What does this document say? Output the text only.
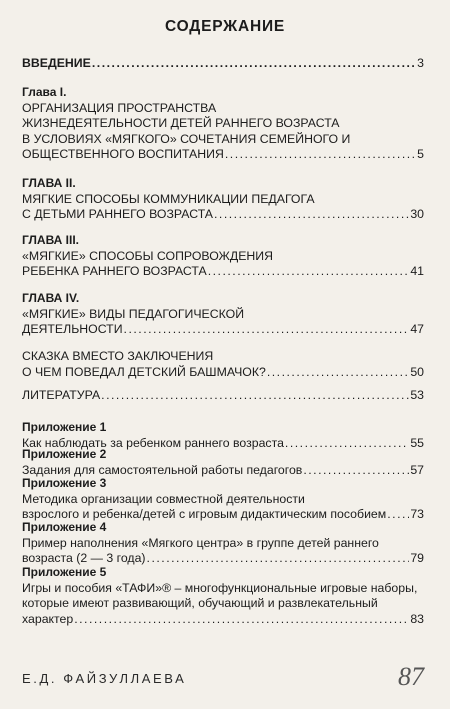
СОДЕРЖАНИЕ
ВВЕДЕНИЕ .....	3
Глава I.
ОРГАНИЗАЦИЯ ПРОСТРАНСТВА
ЖИЗНЕДЕЯТЕЛЬНОСТИ ДЕТЕЙ РАННЕГО ВОЗРАСТА
В УСЛОВИЯХ «МЯГКОГО» СОЧЕТАНИЯ СЕМЕЙНОГО И
ОБЩЕСТВЕННОГО ВОСПИТАНИЯ .....	5
ГЛАВА II.
МЯГКИЕ СПОСОБЫ КОММУНИКАЦИИ ПЕДАГОГА
С ДЕТЬМИ РАННЕГО ВОЗРАСТА .....	30
ГЛАВА III.
«МЯГКИЕ» СПОСОБЫ СОПРОВОЖДЕНИЯ
РЕБЕНКА РАННЕГО ВОЗРАСТА .....	41
ГЛАВА IV.
«МЯГКИЕ» ВИДЫ ПЕДАГОГИЧЕСКОЙ
ДЕЯТЕЛЬНОСТИ .....	47
СКАЗКА ВМЕСТО ЗАКЛЮЧЕНИЯ
О ЧЕМ ПОВЕДАЛ ДЕТСКИЙ БАШМАЧОК? .....	50
ЛИТЕРАТУРА .....	53
Приложение 1
Как наблюдать за ребенком раннего возраста .....	55
Приложение 2
Задания для самостоятельной работы педагогов .....	57
Приложение 3
Методика организации совместной деятельности
взрослого и ребенка/детей с игровым дидактическим пособием ..... 73
Приложение 4
Пример наполнения «Мягкого центра» в группе детей раннего
возраста (2 — 3 года) .....	79
Приложение 5
Игры и пособия «ТАФИ»® – многофункциональные игровые наборы,
которые имеют развивающий, обучающий и развлекательный
характер .....	83
Е.Д. ФАЙЗУЛЛАЕВА	87
